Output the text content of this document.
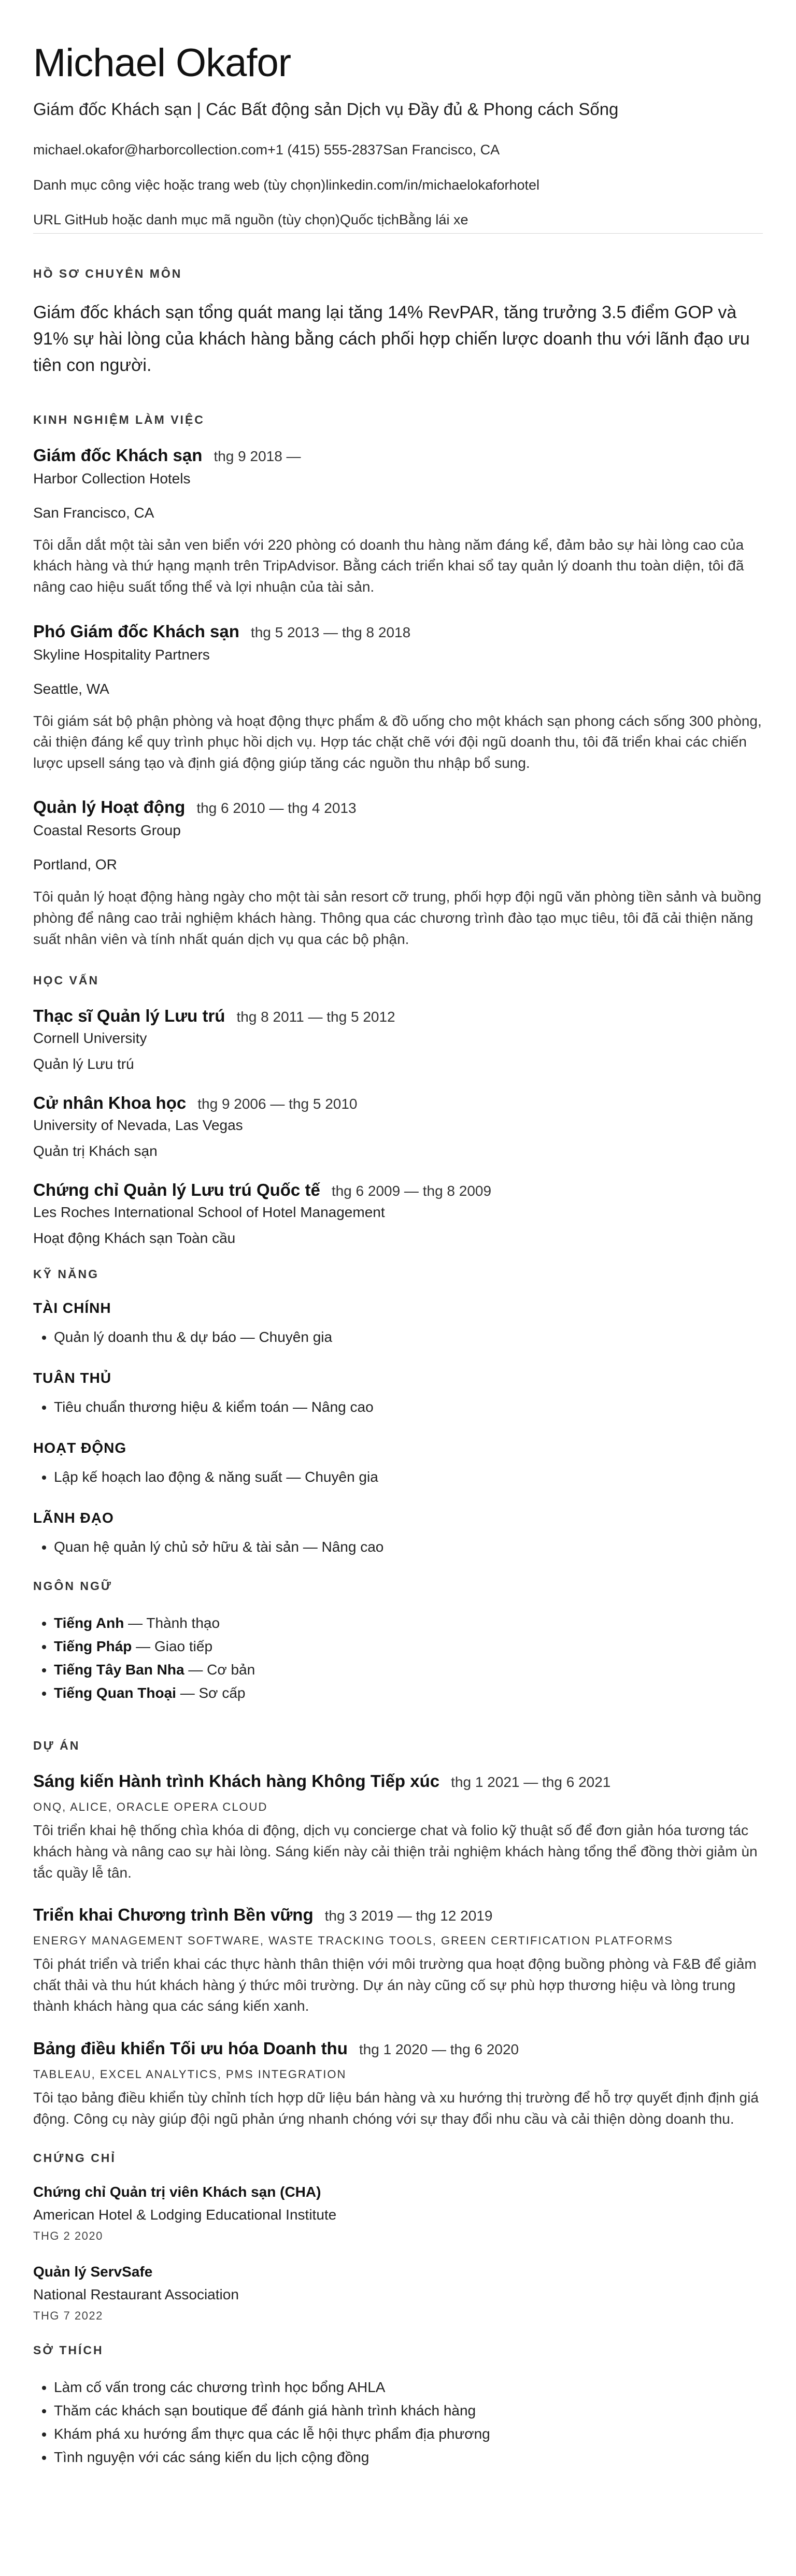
Michael Okafor
Giám đốc Khách sạn | Các Bất động sản Dịch vụ Đầy đủ & Phong cách Sống
michael.okafor@harborcollection.com+1 (415) 555-2837San Francisco, CA
Danh mục công việc hoặc trang web (tùy chọn)linkedin.com/in/michaelokaforhotel
URL GitHub hoặc danh mục mã nguồn (tùy chọn)Quốc tịchBằng lái xe
HỒ SƠ CHUYÊN MÔN

Giám đốc khách sạn tổng quát mang lại tăng 14% RevPAR, tăng trưởng 3.5 điểm GOP và 91% sự hài lòng của khách hàng bằng cách phối hợp chiến lược doanh thu với lãnh đạo ưu tiên con người.

KINH NGHIỆM LÀM VIỆC
Giám đốc Khách sạn thg 9 2018 —
Harbor Collection Hotels
San Francisco, CA
Tôi dẫn dắt một tài sản ven biển với 220 phòng có doanh thu hàng năm đáng kể, đảm bảo sự hài lòng cao của khách hàng và thứ hạng mạnh trên TripAdvisor. Bằng cách triển khai sổ tay quản lý doanh thu toàn diện, tôi đã nâng cao hiệu suất tổng thể và lợi nhuận của tài sản.
Phó Giám đốc Khách sạn thg 5 2013 — thg 8 2018
Skyline Hospitality Partners
Seattle, WA
Tôi giám sát bộ phận phòng và hoạt động thực phẩm & đồ uống cho một khách sạn phong cách sống 300 phòng, cải thiện đáng kể quy trình phục hồi dịch vụ. Hợp tác chặt chẽ với đội ngũ doanh thu, tôi đã triển khai các chiến lược upsell sáng tạo và định giá động giúp tăng các nguồn thu nhập bổ sung.
Quản lý Hoạt động thg 6 2010 — thg 4 2013
Coastal Resorts Group
Portland, OR
Tôi quản lý hoạt động hàng ngày cho một tài sản resort cỡ trung, phối hợp đội ngũ văn phòng tiền sảnh và buồng phòng để nâng cao trải nghiệm khách hàng. Thông qua các chương trình đào tạo mục tiêu, tôi đã cải thiện năng suất nhân viên và tính nhất quán dịch vụ qua các bộ phận.
HỌC VẤN
Thạc sĩ Quản lý Lưu trú thg 8 2011 — thg 5 2012
Cornell University
Quản lý Lưu trú
Cử nhân Khoa học thg 9 2006 — thg 5 2010
University of Nevada, Las Vegas
Quản trị Khách sạn
Chứng chỉ Quản lý Lưu trú Quốc tế thg 6 2009 — thg 8 2009
Les Roches International School of Hotel Management
Hoạt động Khách sạn Toàn cầu
KỸ NĂNG
TÀI CHÍNH
• Quản lý doanh thu & dự báo — Chuyên gia
TUÂN THỦ
• Tiêu chuẩn thương hiệu & kiểm toán — Nâng cao
HOẠT ĐỘNG
• Lập kế hoạch lao động & năng suất — Chuyên gia
LÃNH ĐẠO
• Quan hệ quản lý chủ sở hữu & tài sản — Nâng cao
NGÔN NGỮ
• Tiếng Anh — Thành thạo
• Tiếng Pháp — Giao tiếp
• Tiếng Tây Ban Nha — Cơ bản
• Tiếng Quan Thoại — Sơ cấp
DỰ ÁN
Sáng kiến Hành trình Khách hàng Không Tiếp xúc thg 1 2021 — thg 6 2021
ONQ, ALICE, ORACLE OPERA CLOUD
Tôi triển khai hệ thống chìa khóa di động, dịch vụ concierge chat và folio kỹ thuật số để đơn giản hóa tương tác khách hàng và nâng cao sự hài lòng. Sáng kiến này cải thiện trải nghiệm khách hàng tổng thể đồng thời giảm ùn tắc quầy lễ tân.
Triển khai Chương trình Bền vững thg 3 2019 — thg 12 2019
ENERGY MANAGEMENT SOFTWARE, WASTE TRACKING TOOLS, GREEN CERTIFICATION PLATFORMS
Tôi phát triển và triển khai các thực hành thân thiện với môi trường qua hoạt động buồng phòng và F&B để giảm chất thải và thu hút khách hàng ý thức môi trường. Dự án này cũng cố sự phù hợp thương hiệu và lòng trung thành khách hàng qua các sáng kiến xanh.
Bảng điều khiển Tối ưu hóa Doanh thu thg 1 2020 — thg 6 2020
TABLEAU, EXCEL ANALYTICS, PMS INTEGRATION
Tôi tạo bảng điều khiển tùy chỉnh tích hợp dữ liệu bán hàng và xu hướng thị trường để hỗ trợ quyết định định giá động. Công cụ này giúp đội ngũ phản ứng nhanh chóng với sự thay đổi nhu cầu và cải thiện dòng doanh thu.
CHỨNG CHỈ
Chứng chỉ Quản trị viên Khách sạn (CHA)
American Hotel & Lodging Educational Institute
THG 2 2020
Quản lý ServSafe
National Restaurant Association
THG 7 2022
SỞ THÍCH
• Làm cố vấn trong các chương trình học bổng AHLA
• Thăm các khách sạn boutique để đánh giá hành trình khách hàng
• Khám phá xu hướng ẩm thực qua các lễ hội thực phẩm địa phương
• Tình nguyện với các sáng kiến du lịch cộng đồng
